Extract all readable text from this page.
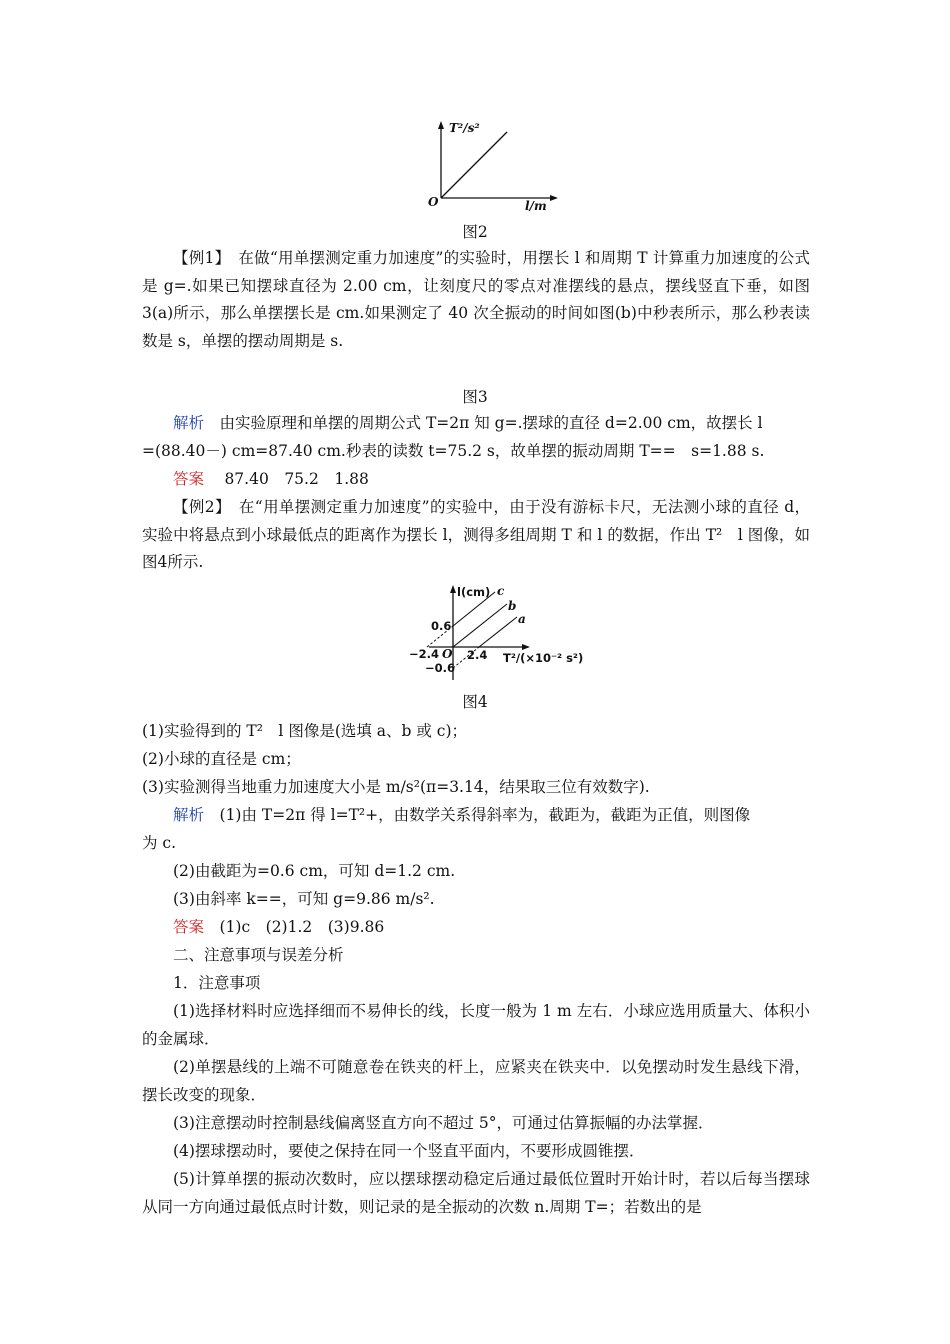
T²/s²
l/m
O
图2
【例1】　在做“用单摆测定重力加速度”的实验时，用摆长 l 和周期 T 计算重力加速度的公式是 g=.如果已知摆球直径为 2.00 cm，让刻度尺的零点对准摆线的悬点，摆线竖直下垂，如图3(a)所示，那么单摆摆长是 cm.如果测定了 40 次全振动的时间如图(b)中秒表所示，那么秒表读数是 s，单摆的摆动周期是 s.
图3
解析　由实验原理和单摆的周期公式 T=2π 知 g=.摆球的直径 d=2.00 cm，故摆长 l
=(88.40－) cm=87.40 cm.秒表的读数 t=75.2 s，故单摆的振动周期 T==　s=1.88 s.
答案　 87.40　75.2　1.88
【例2】　在“用单摆测定重力加速度”的实验中，由于没有游标卡尺，无法测小球的直径 d，实验中将悬点到小球最低点的距离作为摆长 l，测得多组周期 T 和 l 的数据，作出 T²　l 图像，如图4所示.
l(cm) c
b
a
0.6
−0.6
−2.4 O 2.4 T²/(×10⁻² s²)
图4
(1)实验得到的 T²　l 图像是(选填 a、b 或 c)；
(2)小球的直径是 cm；
(3)实验测得当地重力加速度大小是 m/s²(π=3.14，结果取三位有效数字).
解析　(1)由 T=2π 得 l=T²+，由数学关系得斜率为，截距为，截距为正值，则图像
为 c.
(2)由截距为=0.6 cm，可知 d=1.2 cm.
(3)由斜率 k==，可知 g=9.86 m/s².
答案　(1)c　(2)1.2　(3)9.86
二、注意事项与误差分析
1．注意事项
(1)选择材料时应选择细而不易伸长的线，长度一般为 1 m 左右．小球应选用质量大、体积小的金属球．
(2)单摆悬线的上端不可随意卷在铁夹的杆上，应紧夹在铁夹中．以免摆动时发生悬线下滑，摆长改变的现象．
(3)注意摆动时控制悬线偏离竖直方向不超过 5°，可通过估算振幅的办法掌握．
(4)摆球摆动时，要使之保持在同一个竖直平面内，不要形成圆锥摆．
(5)计算单摆的振动次数时，应以摆球摆动稳定后通过最低位置时开始计时，若以后每当摆球从同一方向通过最低点时计数，则记录的是全振动的次数 n.周期 T=；若数出的是
